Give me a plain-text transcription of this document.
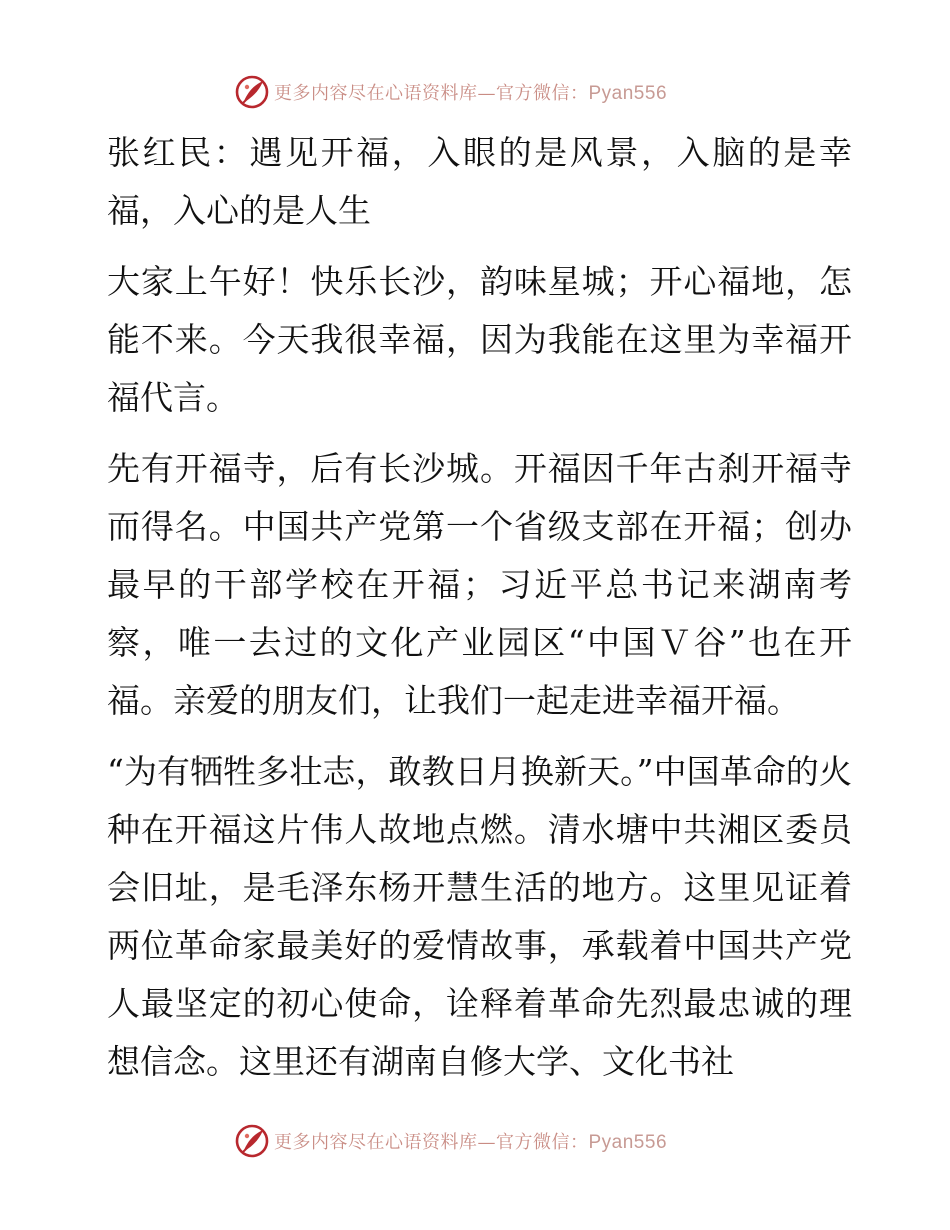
更多内容尽在心语资料库—官方微信：Pyan556

张红民：遇见开福，入眼的是风景，入脑的是幸福，入心的是人生

大家上午好！快乐长沙，韵味星城；开心福地，怎能不来。今天我很幸福，因为我能在这里为幸福开福代言。

先有开福寺，后有长沙城。开福因千年古刹开福寺而得名。中国共产党第一个省级支部在开福；创办最早的干部学校在开福；习近平总书记来湖南考察，唯一去过的文化产业园区“中国Ｖ谷”也在开福。亲爱的朋友们，让我们一起走进幸福开福。

“为有牺牲多壮志，敢教日月换新天。”中国革命的火种在开福这片伟人故地点燃。清水塘中共湘区委员会旧址，是毛泽东杨开慧生活的地方。这里见证着两位革命家最美好的爱情故事，承载着中国共产党人最坚定的初心使命，诠释着革命先烈最忠诚的理想信念。这里还有湖南自修大学、文化书社

更多内容尽在心语资料库—官方微信：Pyan556
